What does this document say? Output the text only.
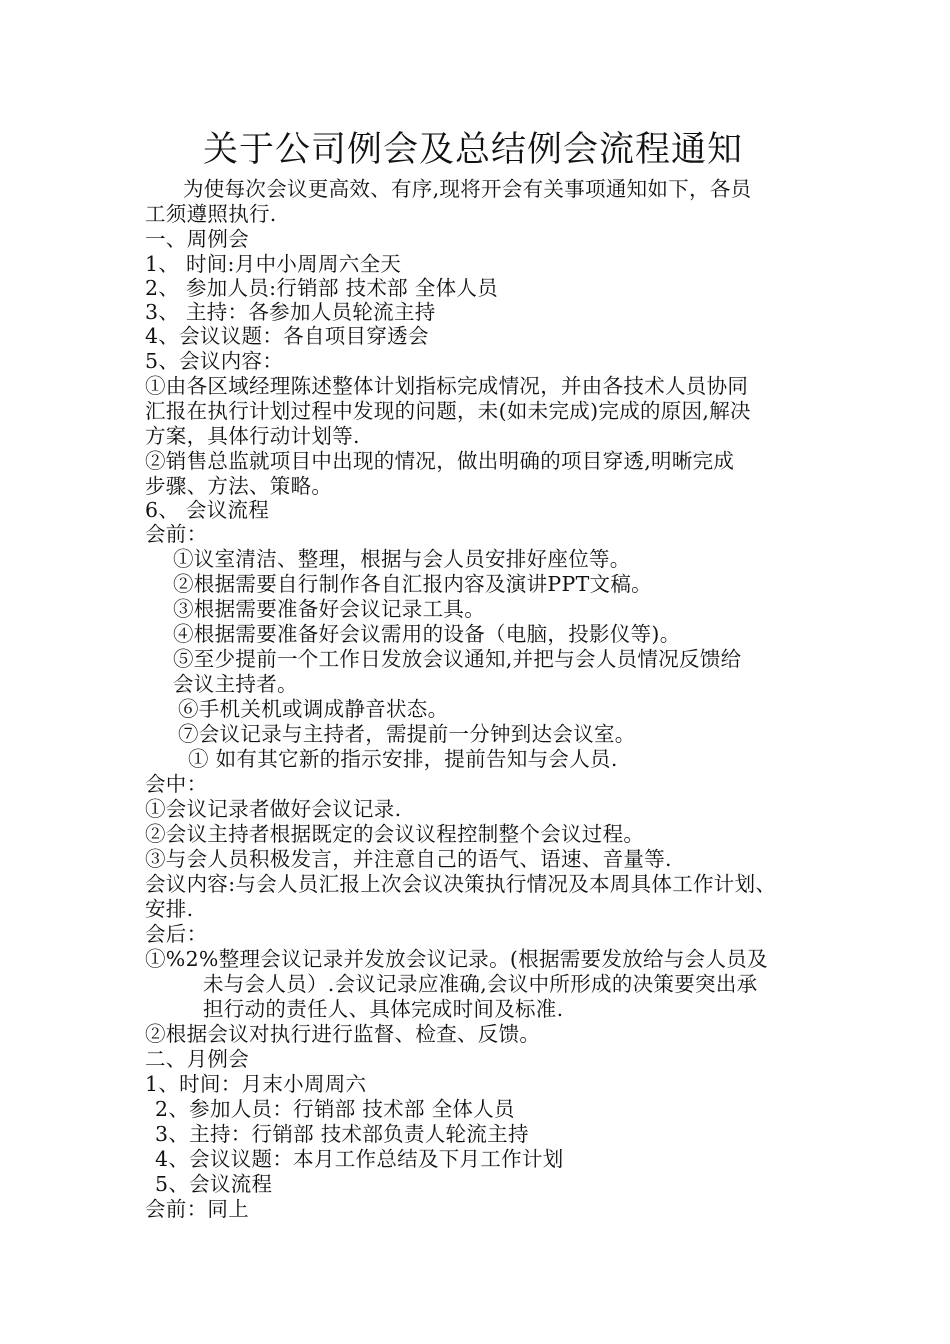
关于公司例会及总结例会流程通知
为使每次会议更高效、有序,现将开会有关事项通知如下，各员
工须遵照执行.
一、周例会
1、 时间:月中小周周六全天
2、 参加人员:行销部 技术部 全体人员
3、 主持：各参加人员轮流主持
4、会议议题：各自项目穿透会
5、会议内容：
①由各区域经理陈述整体计划指标完成情况，并由各技术人员协同
汇报在执行计划过程中发现的问题，未(如未完成)完成的原因,解决
方案，具体行动计划等.
②销售总监就项目中出现的情况，做出明确的项目穿透,明晰完成
步骤、方法、策略。
6、 会议流程
会前：
①议室清洁、整理，根据与会人员安排好座位等。
②根据需要自行制作各自汇报内容及演讲PPT文稿。
③根据需要准备好会议记录工具。
④根据需要准备好会议需用的设备（电脑，投影仪等)。
⑤至少提前一个工作日发放会议通知,并把与会人员情况反馈给
会议主持者。
⑥手机关机或调成静音状态。
⑦会议记录与主持者，需提前一分钟到达会议室。
① 如有其它新的指示安排，提前告知与会人员.
会中：
①会议记录者做好会议记录.
②会议主持者根据既定的会议议程控制整个会议过程。
③与会人员积极发言，并注意自己的语气、语速、音量等.
会议内容:与会人员汇报上次会议决策执行情况及本周具体工作计划、
安排.
会后：
①%2%整理会议记录并发放会议记录。(根据需要发放给与会人员及
未与会人员）.会议记录应准确,会议中所形成的决策要突出承
担行动的责任人、具体完成时间及标准.
②根据会议对执行进行监督、检查、反馈。
二、月例会
1、时间：月末小周周六
2、参加人员：行销部 技术部 全体人员
3、主持：行销部 技术部负责人轮流主持
4、会议议题：本月工作总结及下月工作计划
5、会议流程
会前：同上
